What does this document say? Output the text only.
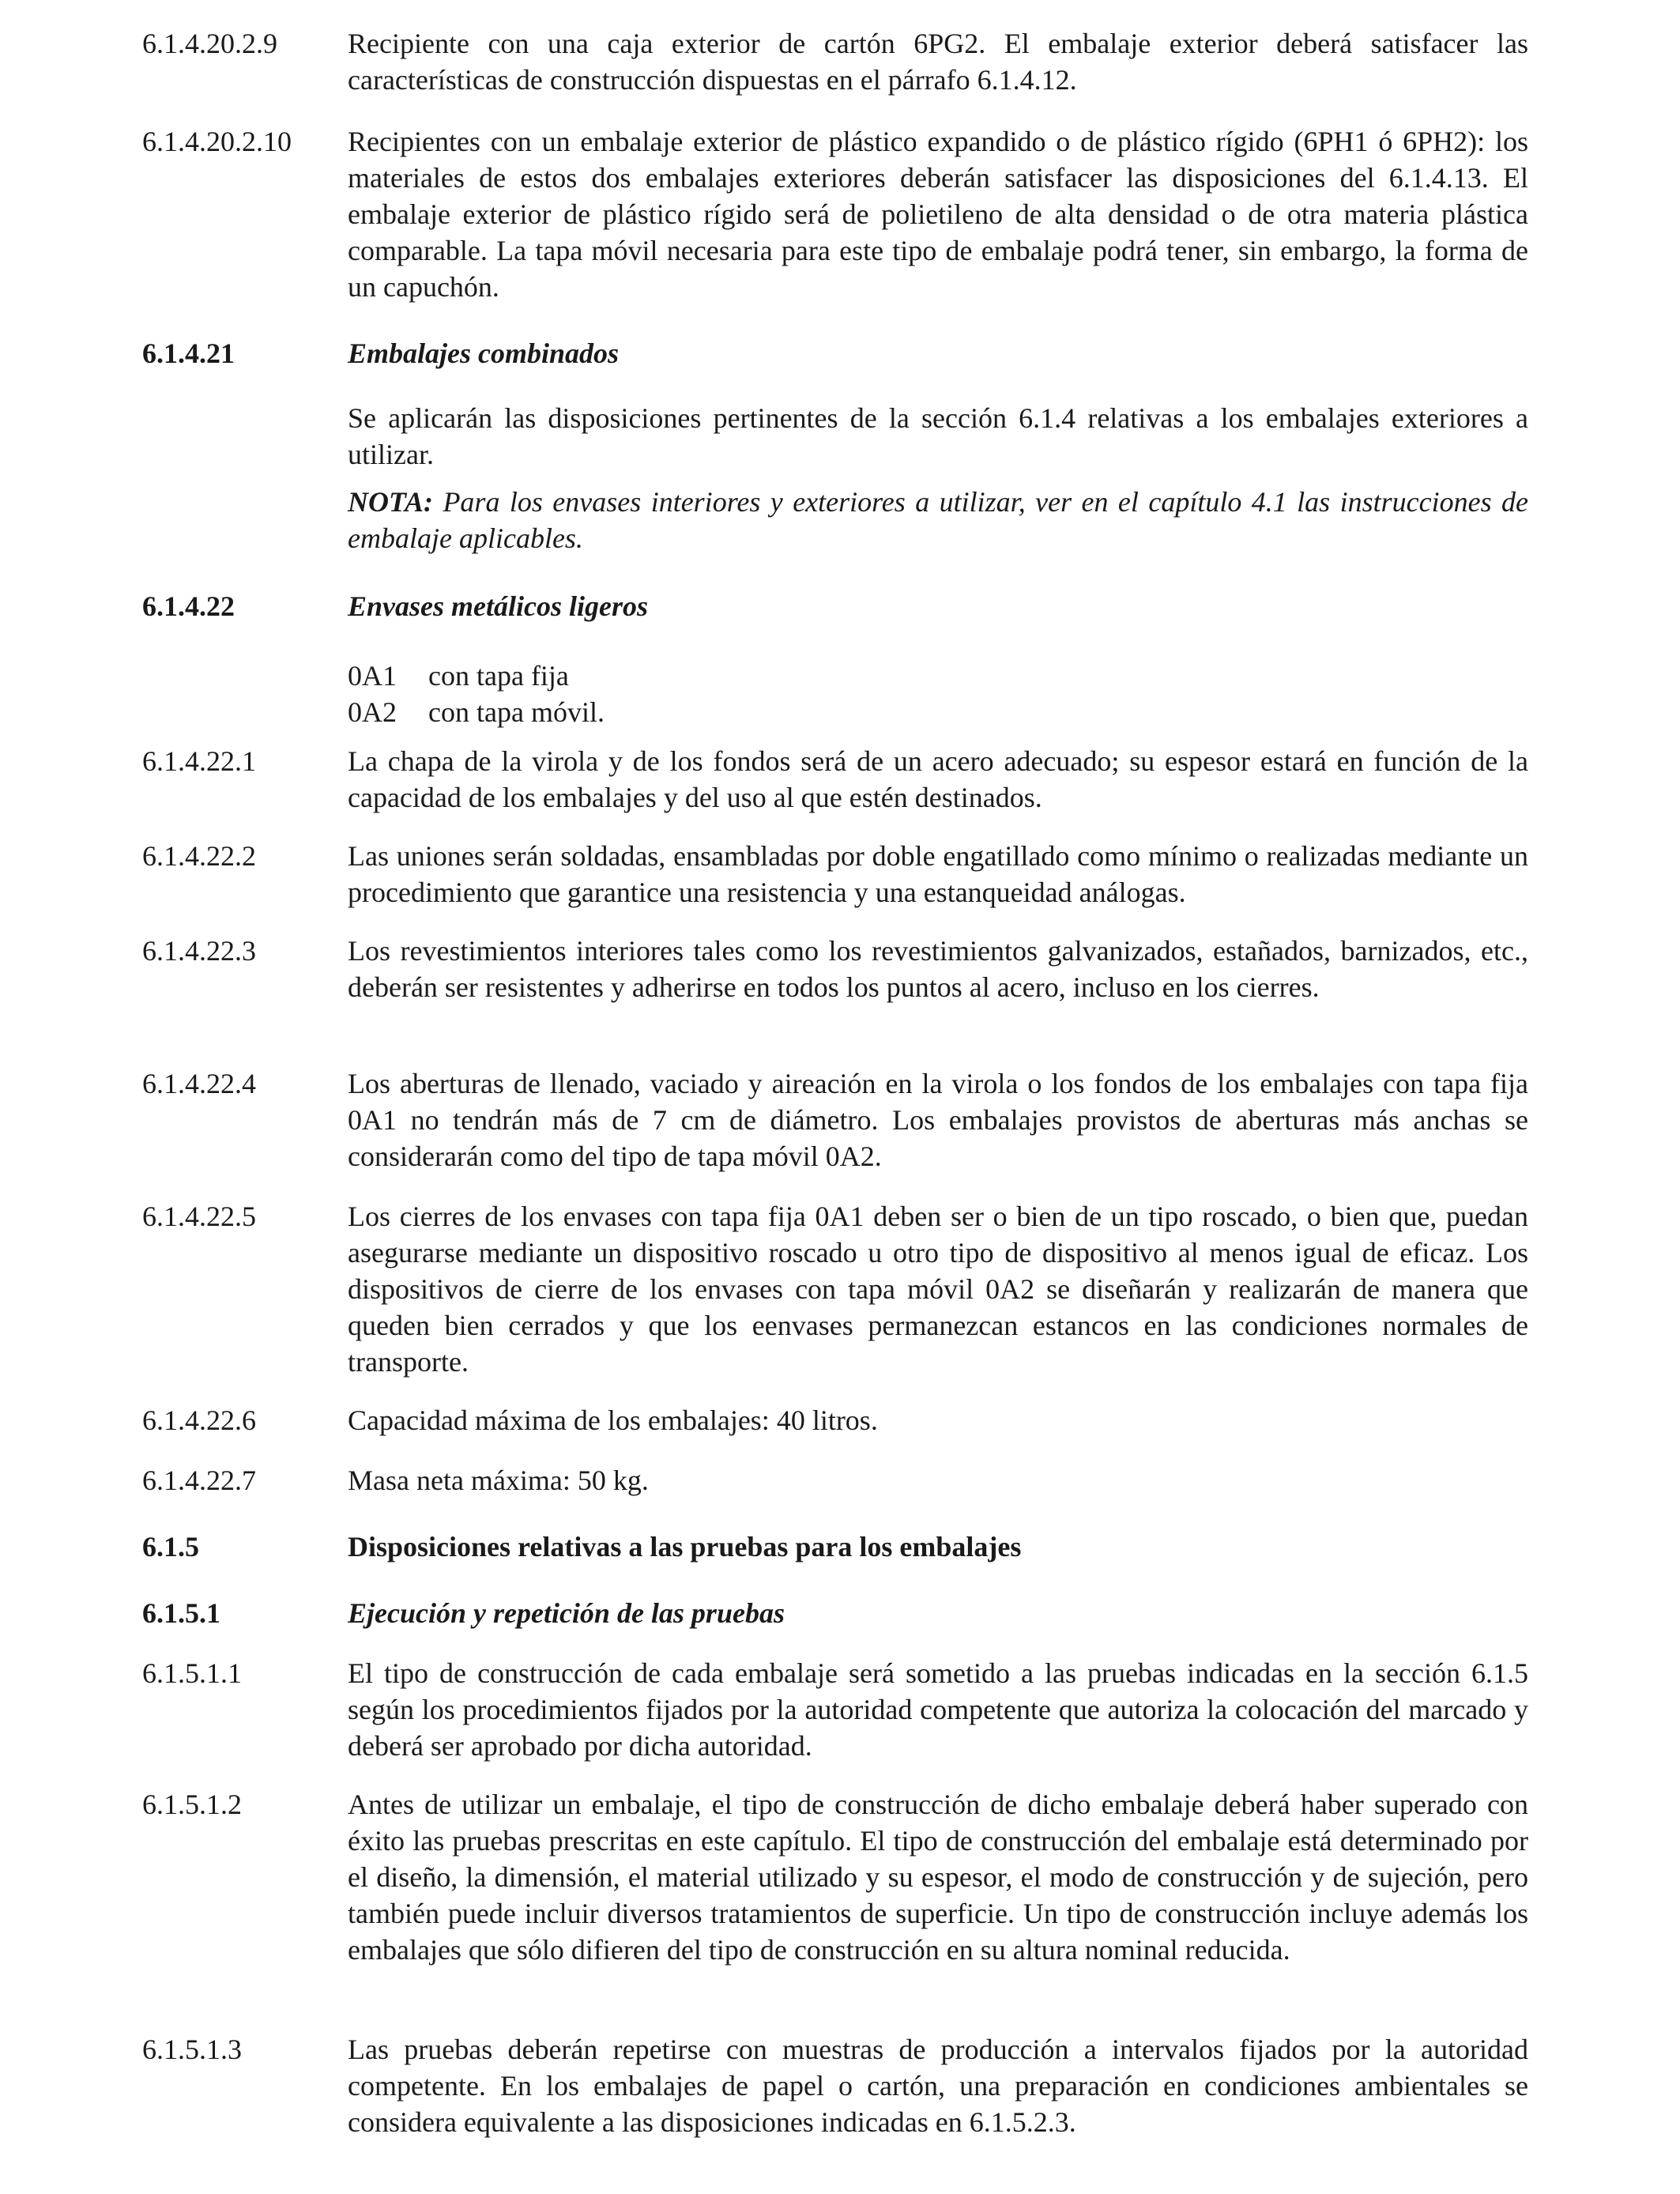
6.1.4.20.2.9 Recipiente con una caja exterior de cartón 6PG2. El embalaje exterior deberá satisfacer las características de construcción dispuestas en el párrafo 6.1.4.12.
6.1.4.20.2.10 Recipientes con un embalaje exterior de plástico expandido o de plástico rígido (6PH1 ó 6PH2): los materiales de estos dos embalajes exteriores deberán satisfacer las disposiciones del 6.1.4.13. El embalaje exterior de plástico rígido será de polietileno de alta densidad o de otra materia plástica comparable. La tapa móvil necesaria para este tipo de embalaje podrá tener, sin embargo, la forma de un capuchón.
6.1.4.21	Embalajes combinados
Se aplicarán las disposiciones pertinentes de la sección 6.1.4 relativas a los embalajes exteriores a utilizar.
NOTA: Para los envases interiores y exteriores a utilizar, ver en el capítulo 4.1 las instrucciones de embalaje aplicables.
6.1.4.22	Envases metálicos ligeros
0A1 con tapa fija
0A2 con tapa móvil.
6.1.4.22.1	La chapa de la virola y de los fondos será de un acero adecuado; su espesor estará en función de la capacidad de los embalajes y del uso al que estén destinados.
6.1.4.22.2	Las uniones serán soldadas, ensambladas por doble engatillado como mínimo o realizadas mediante un procedimiento que garantice una resistencia y una estanqueidad análogas.
6.1.4.22.3	Los revestimientos interiores tales como los revestimientos galvanizados, estañados, barnizados, etc., deberán ser resistentes y adherirse en todos los puntos al acero, incluso en los cierres.
6.1.4.22.4	Los aberturas de llenado, vaciado y aireación en la virola o los fondos de los embalajes con tapa fija 0A1 no tendrán más de 7 cm de diámetro. Los embalajes provistos de aberturas más anchas se considerarán como del tipo de tapa móvil 0A2.
6.1.4.22.5	Los cierres de los envases con tapa fija 0A1 deben ser o bien de un tipo roscado, o bien que, puedan asegurarse mediante un dispositivo roscado u otro tipo de dispositivo al menos igual de eficaz. Los dispositivos de cierre de los envases con tapa móvil 0A2 se diseñarán y realizarán de manera que queden bien cerrados y que los eenvases permanezcan estancos en las condiciones normales de transporte.
6.1.4.22.6	Capacidad máxima de los embalajes: 40 litros.
6.1.4.22.7	Masa neta máxima: 50 kg.
6.1.5	Disposiciones relativas a las pruebas para los embalajes
6.1.5.1	Ejecución y repetición de las pruebas
6.1.5.1.1	El tipo de construcción de cada embalaje será sometido a las pruebas indicadas en la sección 6.1.5 según los procedimientos fijados por la autoridad competente que autoriza la colocación del marcado y deberá ser aprobado por dicha autoridad.
6.1.5.1.2	Antes de utilizar un embalaje, el tipo de construcción de dicho embalaje deberá haber superado con éxito las pruebas prescritas en este capítulo. El tipo de construcción del embalaje está determinado por el diseño, la dimensión, el material utilizado y su espesor, el modo de construcción y de sujeción, pero también puede incluir diversos tratamientos de superficie. Un tipo de construcción incluye además los embalajes que sólo difieren del tipo de construcción en su altura nominal reducida.
6.1.5.1.3	Las pruebas deberán repetirse con muestras de producción a intervalos fijados por la autoridad competente. En los embalajes de papel o cartón, una preparación en condiciones ambientales se considera equivalente a las disposiciones indicadas en 6.1.5.2.3.
